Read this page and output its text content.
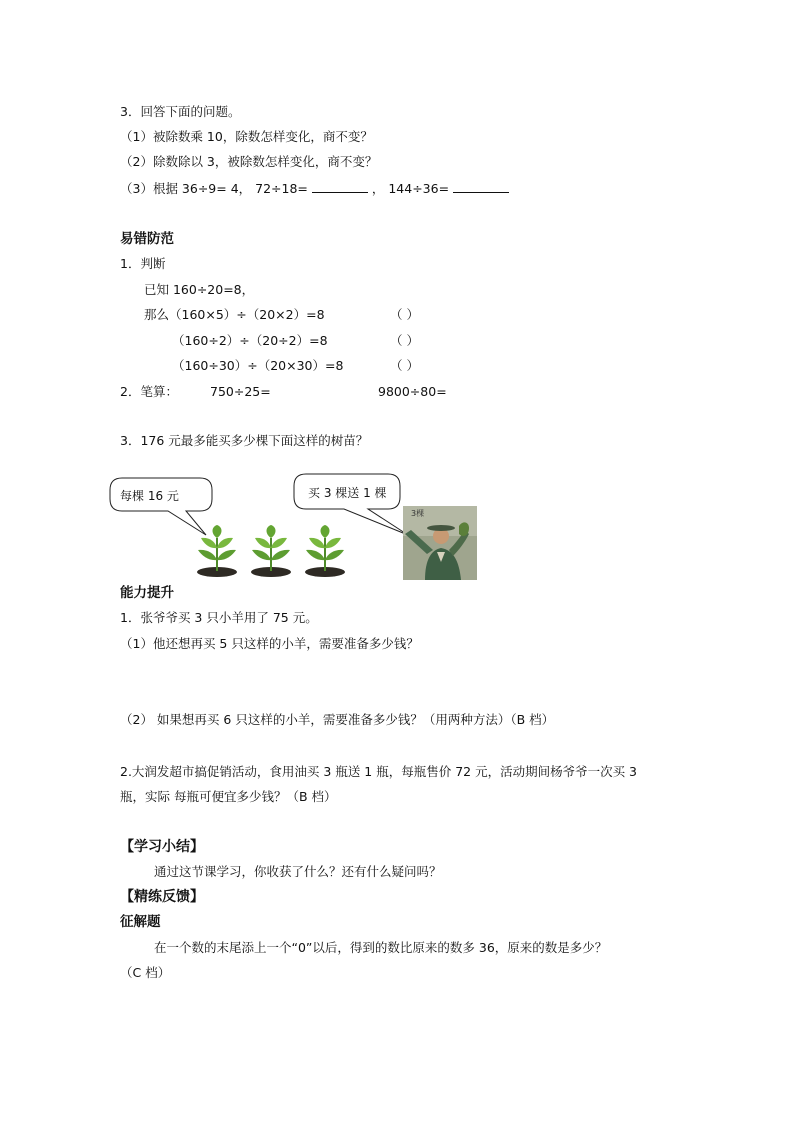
3．回答下面的问题。
（1）被除数乘 10，除数怎样变化，商不变？
（2）除数除以 3，被除数怎样变化，商不变？
（3）根据 36÷9= 4， 72÷18=	， 144÷36=
易错防范
1．判断
已知 160÷20=8，
那么（160×5）÷（20×2）=8	（ ）
（160÷2）÷（20÷2）=8	（ ）
（160÷30）÷（20×30）=8	（ ）
2．笔算：	750÷25=	9800÷80=
3．176 元最多能买多少棵下面这样的树苗？
每棵 16 元	买 3 棵送 1 棵
3棵
能力提升
1．张爷爷买 3 只小羊用了 75 元。
（1）他还想再买 5 只这样的小羊，需要准备多少钱？
（2） 如果想再买 6 只这样的小羊，需要准备多少钱？（用两种方法）（B 档）
2.大润发超市搞促销活动，食用油买 3 瓶送 1 瓶，每瓶售价 72 元，活动期间杨爷爷一次买 3
瓶，实际 每瓶可便宜多少钱？（B 档）
【学习小结】
通过这节课学习，你收获了什么？还有什么疑问吗？
【精练反馈】
征解题
在一个数的末尾添上一个“0”以后，得到的数比原来的数多 36，原来的数是多少？
（C 档）
